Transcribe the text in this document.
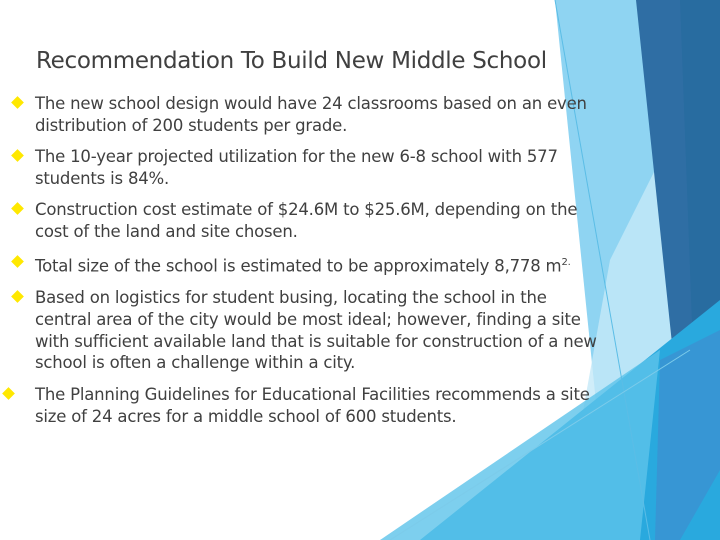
Recommendation To Build New Middle School
The new school design would have 24 classrooms based on an even distribution of 200 students per grade.
The 10-year projected utilization for the new 6-8 school with 577 students is 84%.
Construction cost estimate of $24.6M to $25.6M, depending on the cost of the land and site chosen.
Total size of the school is estimated to be approximately 8,778 $m^{2.}$
Based on logistics for student busing, locating the school in the central area of the city would be most ideal; however, finding a site with sufficient available land that is suitable for construction of a new school is often a challenge within a city.
The Planning Guidelines for Educational Facilities recommends a site size of 24 acres for a middle school of 600 students.
